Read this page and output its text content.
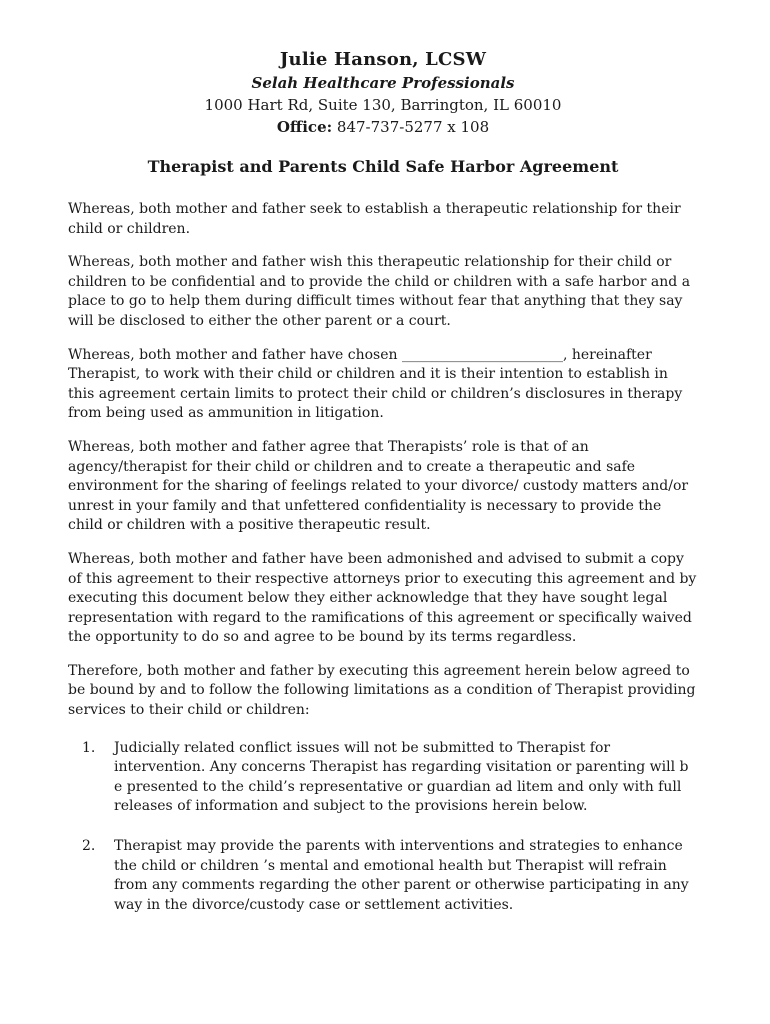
Julie Hanson, LCSW
Selah Healthcare Professionals
1000 Hart Rd, Suite 130, Barrington, IL 60010
Office: 847-737-5277 x 108
Therapist and Parents Child Safe Harbor Agreement

Whereas, both mother and father seek to establish a therapeutic relationship for their child or children.

Whereas, both mother and father wish this therapeutic relationship for their child or children to be confidential and to provide the child or children with a safe harbor and a place to go to help them during difficult times without fear that anything that they say will be disclosed to either the other parent or a court.

Whereas, both mother and father have chosen _______________________, hereinafter Therapist, to work with their child or children and it is their intention to establish in this agreement certain limits to protect their child or children’s disclosures in therapy from being used as ammunition in litigation.

Whereas, both mother and father agree that Therapists’ role is that of an agency/therapist for their child or children and to create a therapeutic and safe environment for the sharing of feelings related to your divorce/ custody matters and/or unrest in your family and that unfettered confidentiality is necessary to provide the child or children with a positive therapeutic result.

Whereas, both mother and father have been admonished and advised to submit a copy of this agreement to their respective attorneys prior to executing this agreement and by executing this document below they either acknowledge that they have sought legal representation with regard to the ramifications of this agreement or specifically waived the opportunity to do so and agree to be bound by its terms regardless.

Therefore, both mother and father by executing this agreement herein below agreed to be bound by and to follow the following limitations as a condition of Therapist providing services to their child or children:

1.	Judicially related conflict issues will not be submitted to Therapist for intervention. Any concerns Therapist has regarding visitation or parenting will b e presented to the child’s representative or guardian ad litem and only with full releases of information and subject to the provisions herein below.
2.	Therapist may provide the parents with interventions and strategies to enhance the child or children ’s mental and emotional health but Therapist will refrain from any comments regarding the other parent or otherwise participating in any way in the divorce/custody case or settlement activities.
